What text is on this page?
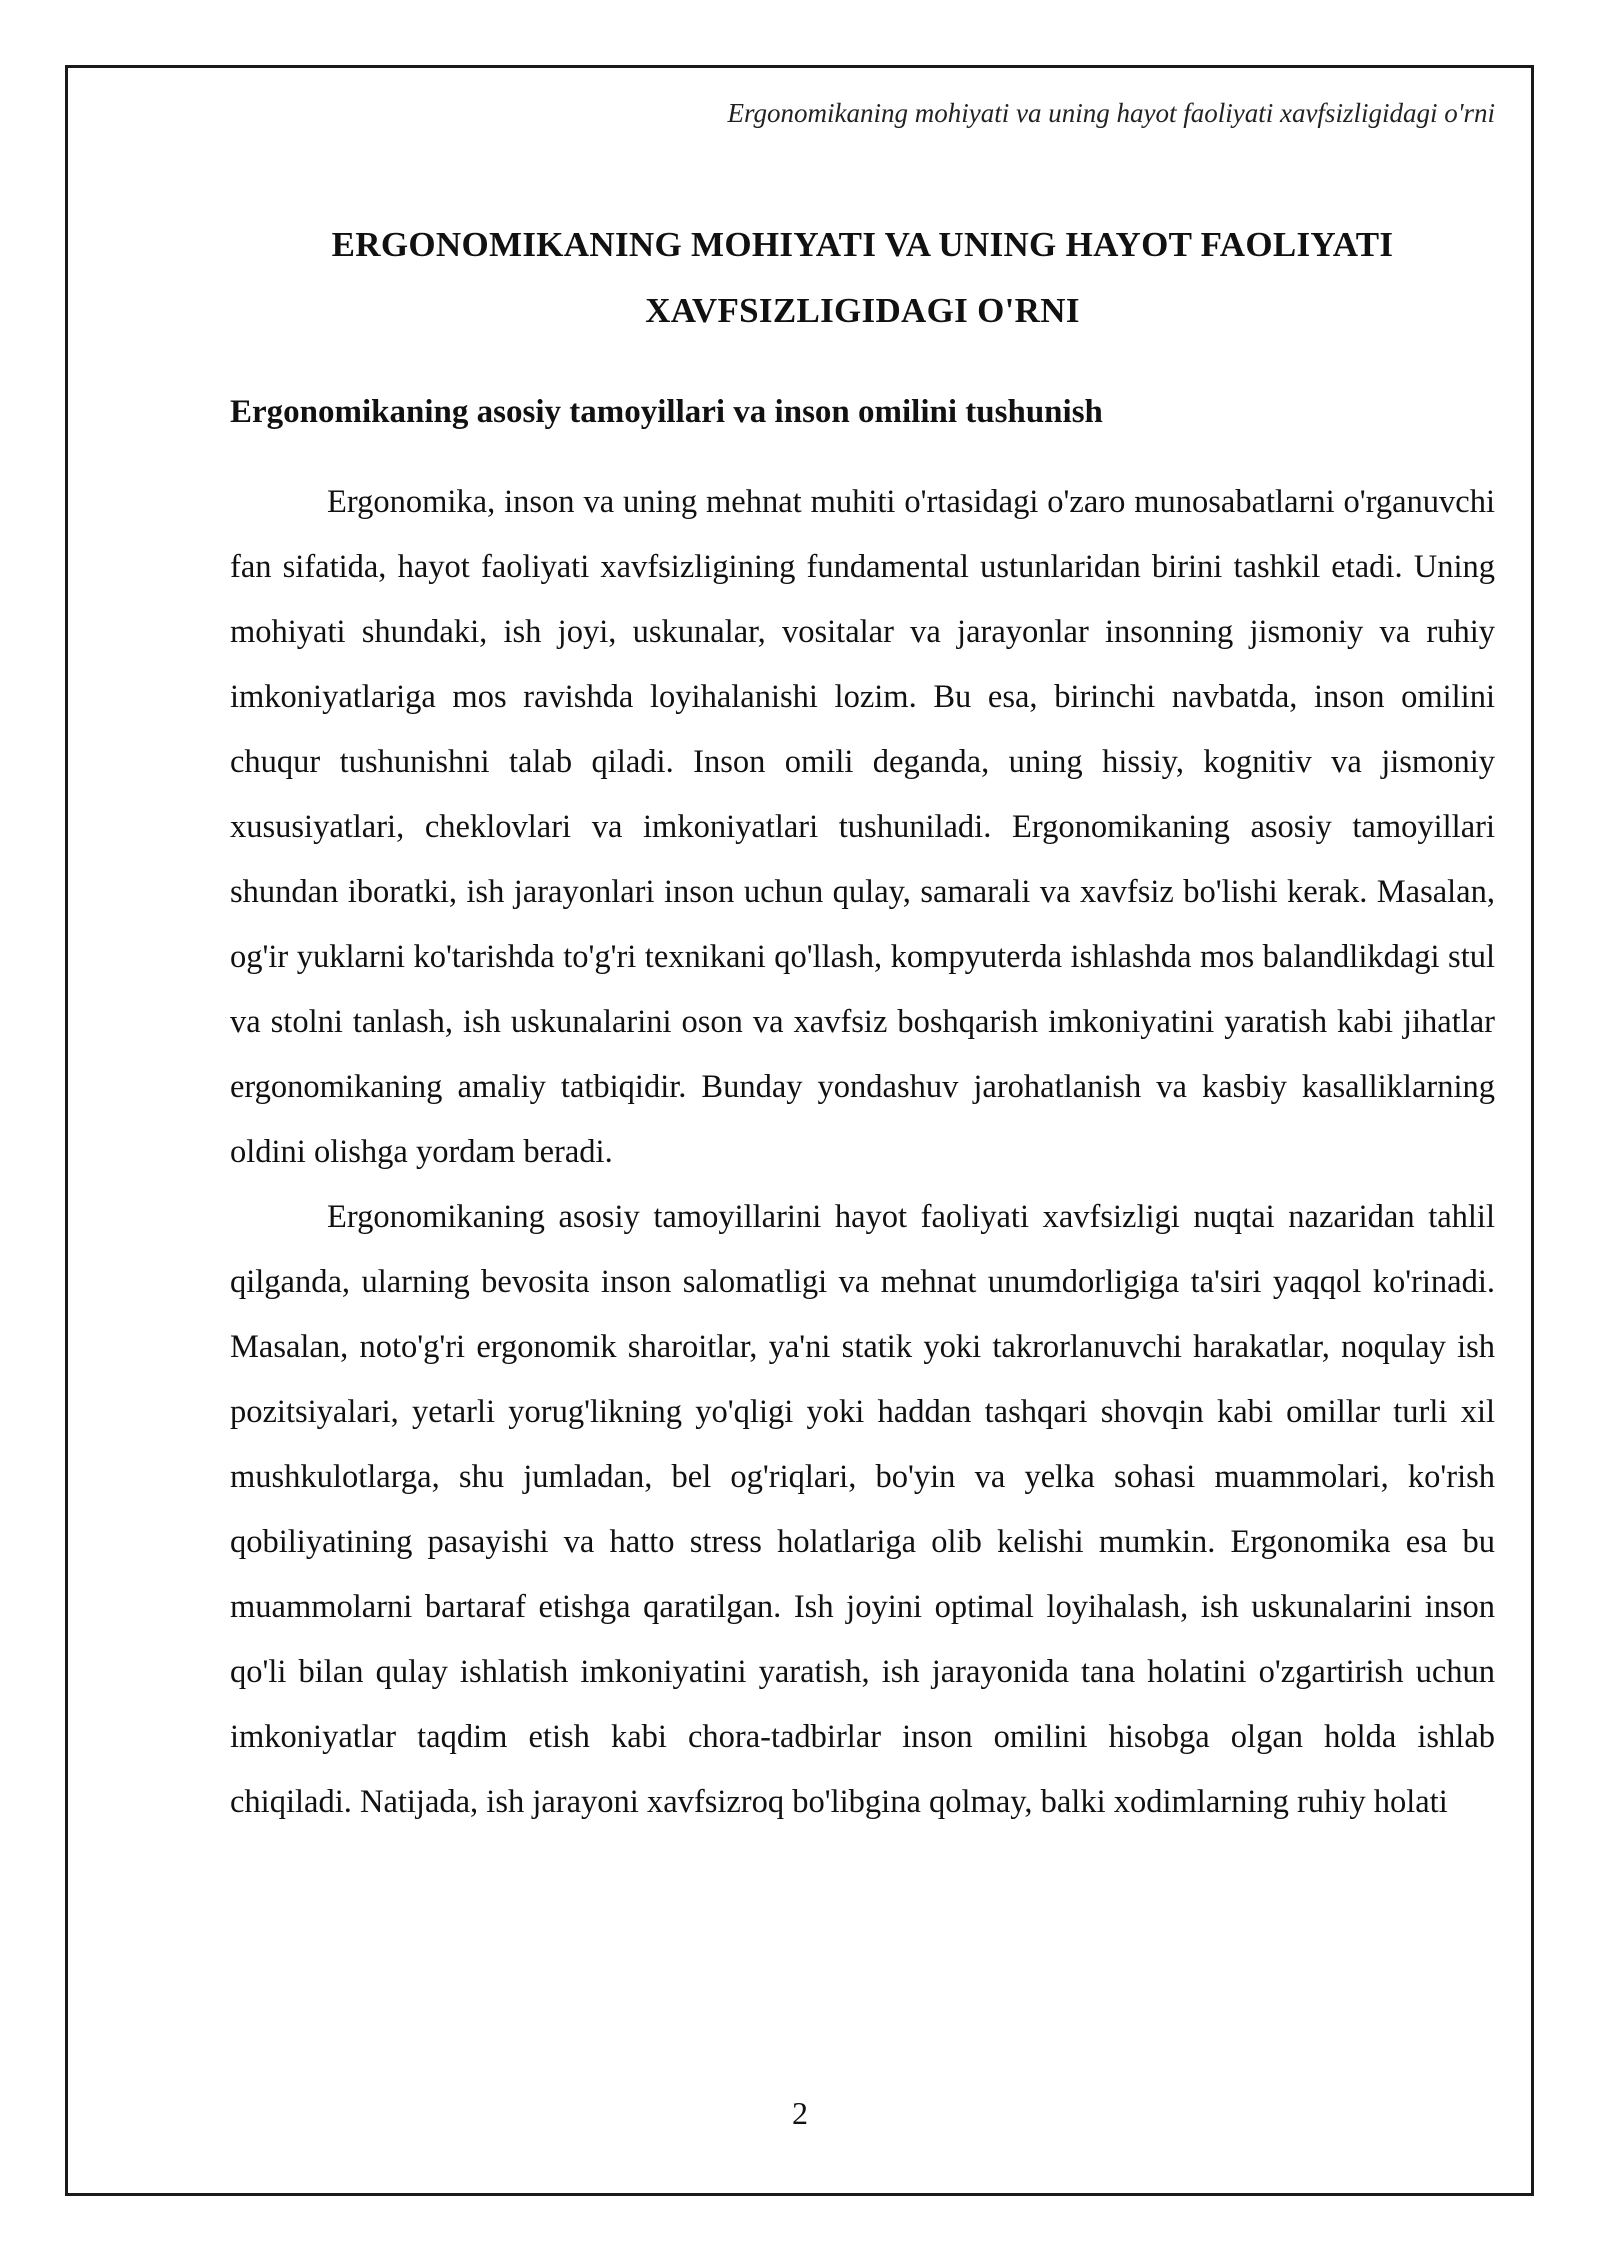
Ergonomikaning mohiyati va uning hayot faoliyati xavfsizligidagi o'rni
ERGONOMIKANING MOHIYATI VA UNING HAYOT FAOLIYATI
XAVFSIZLIGIDAGI O'RNI
Ergonomikaning asosiy tamoyillari va inson omilini tushunish

Ergonomika, inson va uning mehnat muhiti o'rtasidagi o'zaro munosabatlarni o'rganuvchi fan sifatida, hayot faoliyati xavfsizligining fundamental ustunlaridan birini tashkil etadi. Uning mohiyati shundaki, ish joyi, uskunalar, vositalar va jarayonlar insonning jismoniy va ruhiy imkoniyatlariga mos ravishda loyihalanishi lozim. Bu esa, birinchi navbatda, inson omilini chuqur tushunishni talab qiladi. Inson omili deganda, uning hissiy, kognitiv va jismoniy xususiyatlari, cheklovlari va imkoniyatlari tushuniladi. Ergonomikaning asosiy tamoyillari shundan iboratki, ish jarayonlari inson uchun qulay, samarali va xavfsiz bo'lishi kerak. Masalan, og'ir yuklarni ko'tarishda to'g'ri texnikani qo'llash, kompyuterda ishlashda mos balandlikdagi stul va stolni tanlash, ish uskunalarini oson va xavfsiz boshqarish imkoniyatini yaratish kabi jihatlar ergonomikaning amaliy tatbiqidir. Bunday yondashuv jarohatlanish va kasbiy kasalliklarning oldini olishga yordam beradi.

Ergonomikaning asosiy tamoyillarini hayot faoliyati xavfsizligi nuqtai nazaridan tahlil qilganda, ularning bevosita inson salomatligi va mehnat unumdorligiga ta'siri yaqqol ko'rinadi. Masalan, noto'g'ri ergonomik sharoitlar, ya'ni statik yoki takrorlanuvchi harakatlar, noqulay ish pozitsiyalari, yetarli yorug'likning yo'qligi yoki haddan tashqari shovqin kabi omillar turli xil mushkulotlarga, shu jumladan, bel og'riqlari, bo'yin va yelka sohasi muammolari, ko'rish qobiliyatining pasayishi va hatto stress holatlariga olib kelishi mumkin. Ergonomika esa bu muammolarni bartaraf etishga qaratilgan. Ish joyini optimal loyihalash, ish uskunalarini inson qo'li bilan qulay ishlatish imkoniyatini yaratish, ish jarayonida tana holatini o'zgartirish uchun imkoniyatlar taqdim etish kabi chora-tadbirlar inson omilini hisobga olgan holda ishlab chiqiladi. Natijada, ish jarayoni xavfsizroq bo'libgina qolmay, balki xodimlarning ruhiy holati

2
